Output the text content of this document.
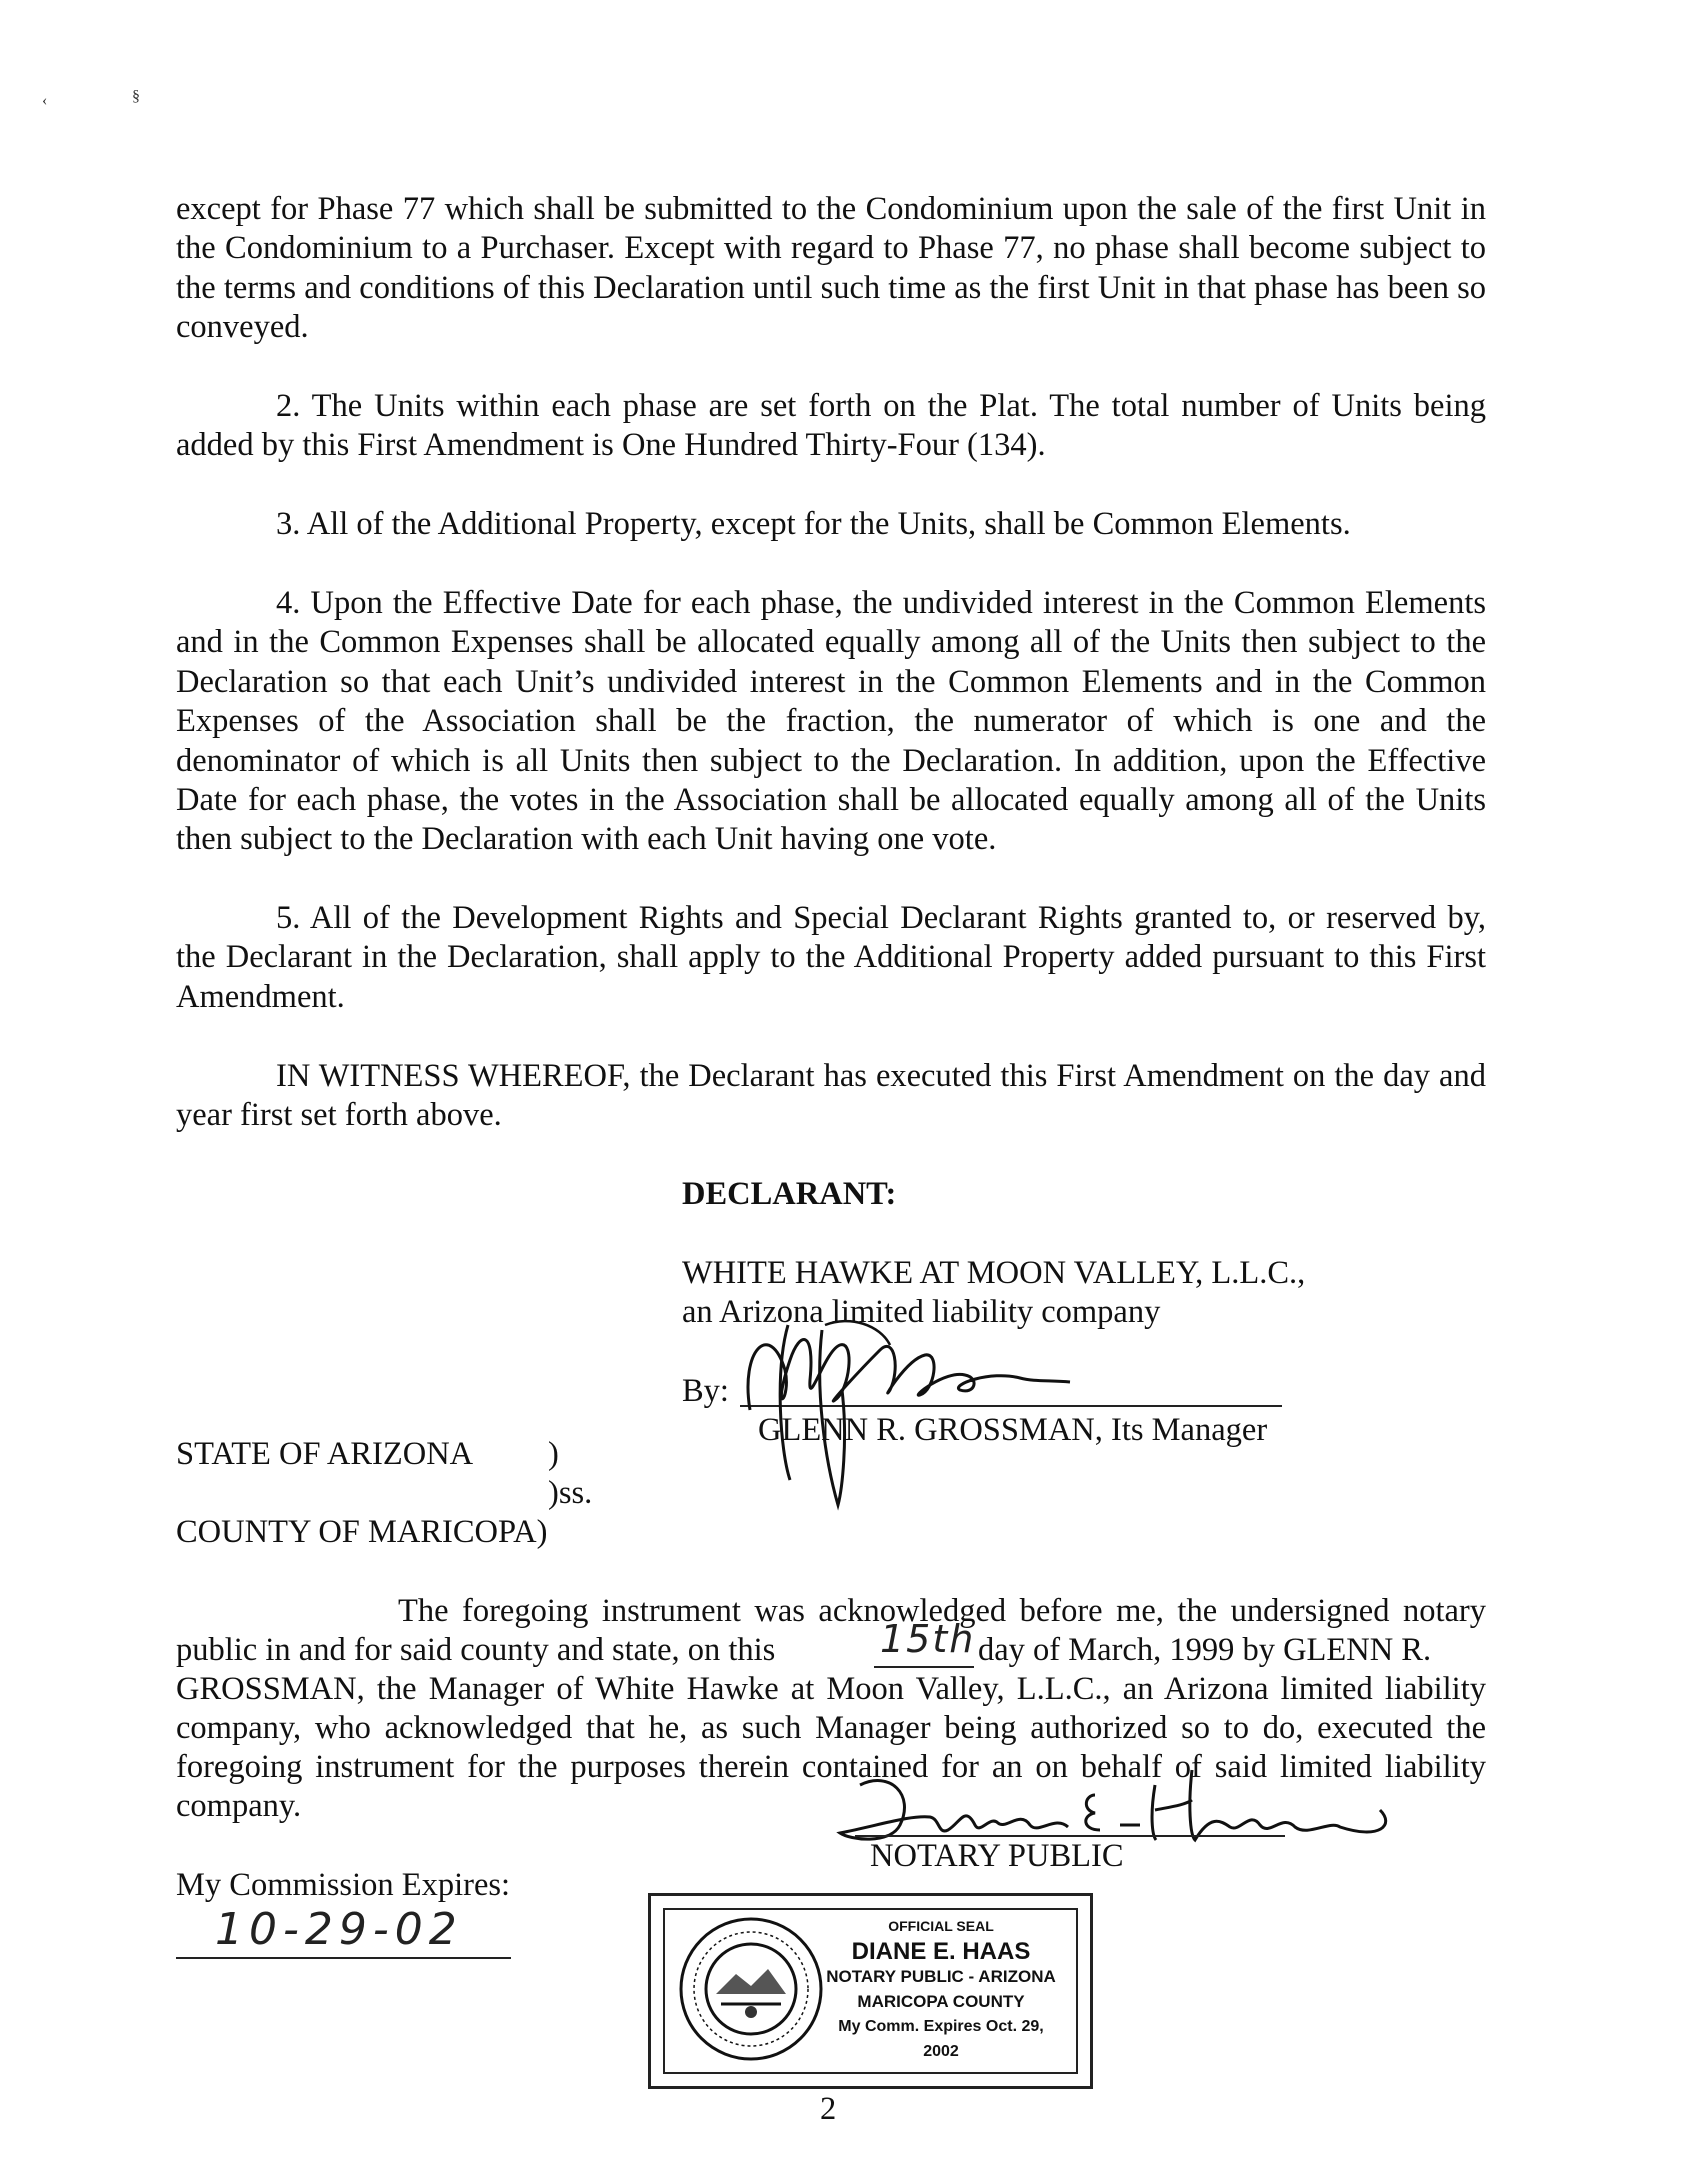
‹	§

except for Phase 77 which shall be submitted to the Condominium upon the sale of the first Unit in the Condominium to a Purchaser. Except with regard to Phase 77, no phase shall become subject to the terms and conditions of this Declaration until such time as the first Unit in that phase has been so conveyed.

2. The Units within each phase are set forth on the Plat. The total number of Units being added by this First Amendment is One Hundred Thirty-Four (134).

3. All of the Additional Property, except for the Units, shall be Common Elements.

4. Upon the Effective Date for each phase, the undivided interest in the Common Elements and in the Common Expenses shall be allocated equally among all of the Units then subject to the Declaration so that each Unit’s undivided interest in the Common Elements and in the Common Expenses of the Association shall be the fraction, the numerator of which is one and the denominator of which is all Units then subject to the Declaration. In addition, upon the Effective Date for each phase, the votes in the Association shall be allocated equally among all of the Units then subject to the Declaration with each Unit having one vote.

5. All of the Development Rights and Special Declarant Rights granted to, or reserved by, the Declarant in the Declaration, shall apply to the Additional Property added pursuant to this First Amendment.

IN WITNESS WHEREOF, the Declarant has executed this First Amendment on the day and year first set forth above.

DECLARANT:
WHITE HAWKE AT MOON VALLEY, L.L.C.,
an Arizona limited liability company
By:
GLENN R. GROSSMAN, Its Manager
STATE OF ARIZONA )
)ss.
COUNTY OF MARICOPA)
The foregoing instrument was acknowledged before me, the undersigned notary
public in and for said county and state, on this	15th day of March, 1999 by GLENN R.
GROSSMAN, the Manager of White Hawke at Moon Valley, L.L.C., an Arizona limited liability
company, who acknowledged that he, as such Manager being authorized so to do, executed the
foregoing instrument for the purposes therein contained for an on behalf of said limited liability
company.
NOTARY PUBLIC
My Commission Expires:
10-29-02	OFFICIAL SEAL
DIANE E. HAAS
NOTARY PUBLIC - ARIZONA
MARICOPA COUNTY
My Comm. Expires Oct. 29, 2002
2
